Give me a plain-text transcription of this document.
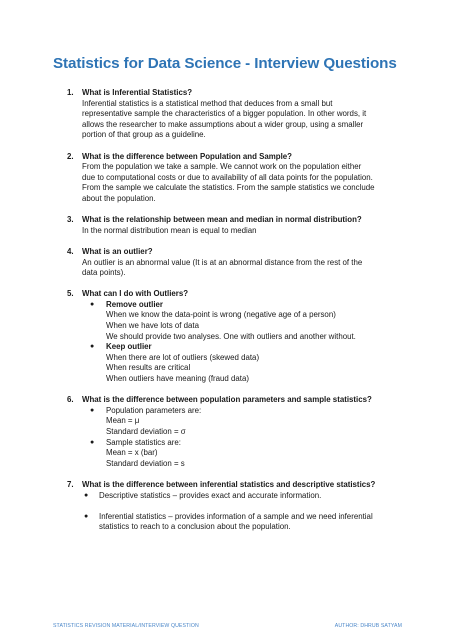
Statistics for Data Science - Interview Questions
1. What is Inferential Statistics?
Inferential statistics is a statistical method that deduces from a small but
representative sample the characteristics of a bigger population. In other words, it
allows the researcher to make assumptions about a wider group, using a smaller
portion of that group as a guideline.
2. What is the difference between Population and Sample?
From the population we take a sample. We cannot work on the population either
due to computational costs or due to availability of all data points for the population.
From the sample we calculate the statistics. From the sample statistics we conclude
about the population.
3. What is the relationship between mean and median in normal distribution?
In the normal distribution mean is equal to median
4. What is an outlier?
An outlier is an abnormal value (It is at an abnormal distance from the rest of the
data points).
5. What can I do with Outliers?
● Remove outlier
When we know the data-point is wrong (negative age of a person)
When we have lots of data
We should provide two analyses. One with outliers and another without.
● Keep outlier
When there are lot of outliers (skewed data)
When results are critical
When outliers have meaning (fraud data)
6. What is the difference between population parameters and sample statistics?
● Population parameters are:
Mean = μ
Standard deviation = σ
● Sample statistics are:
Mean = x (bar)
Standard deviation = s
7. What is the difference between inferential statistics and descriptive statistics?
● Descriptive statistics – provides exact and accurate information.
● Inferential statistics – provides information of a sample and we need inferential
statistics to reach to a conclusion about the population.
STATISTICS REVISION MATERIAL/INTERVIEW QUESTION	AUTHOR: DHRUB SATYAM
